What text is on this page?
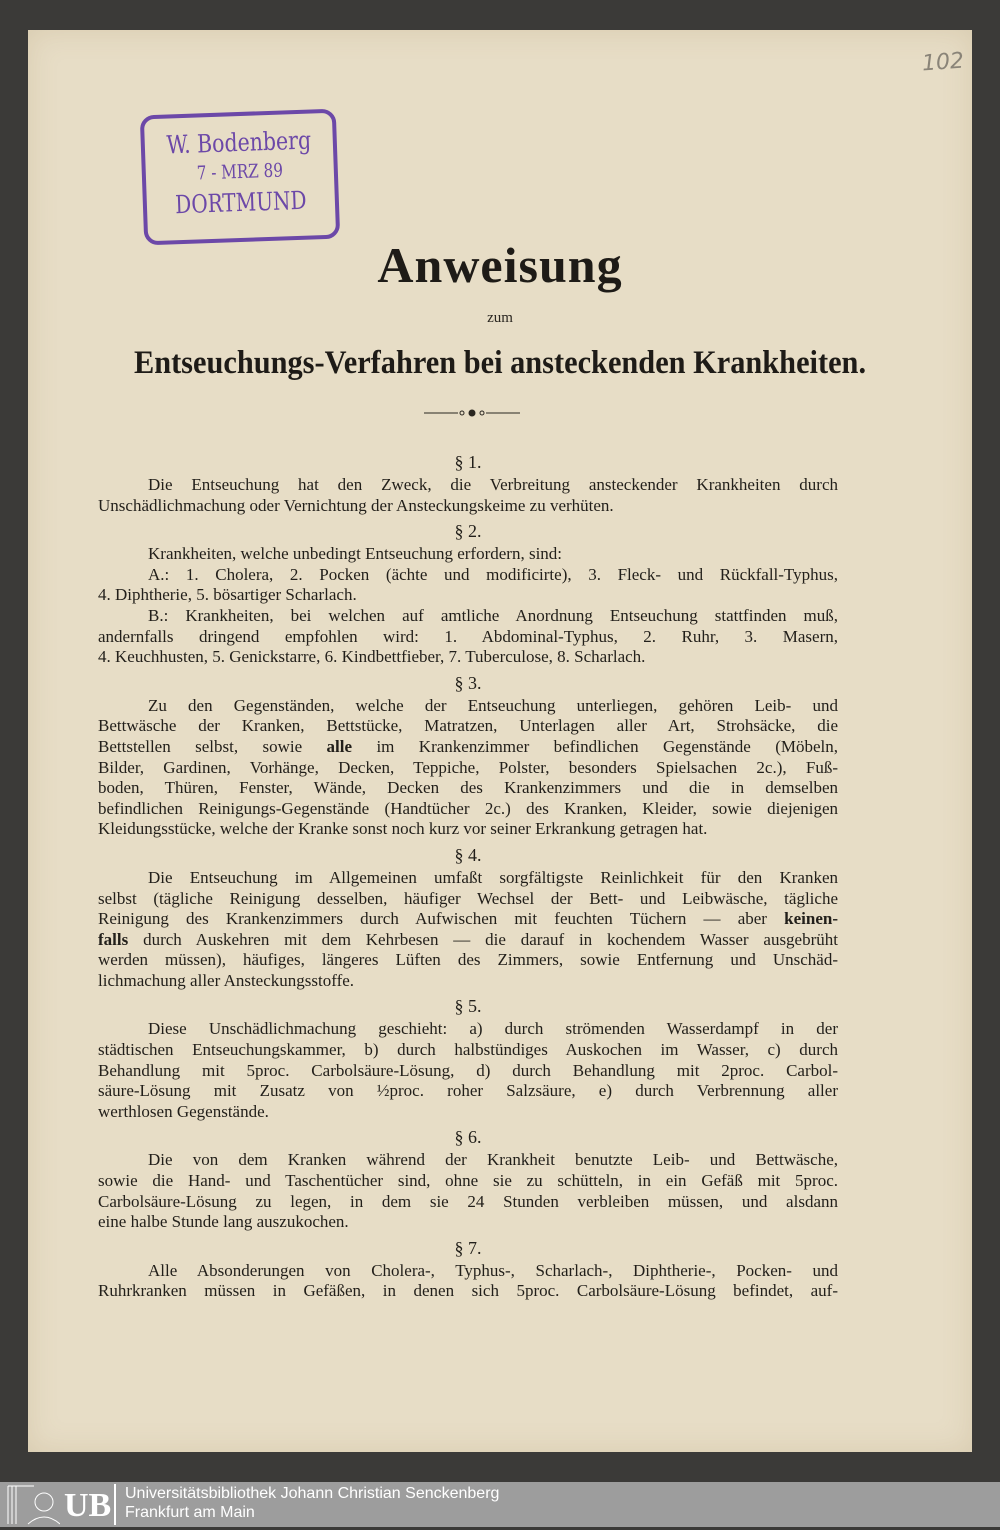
102
W. Bodenberg
7 - MRZ 89
DORTMUND
Anweisung
zum
Entseuchungs-Verfahren bei ansteckenden Krankheiten.
§ 1.
Die Entseuchung hat den Zweck, die Verbreitung ansteckender Krankheiten durch
Unschädlichmachung oder Vernichtung der Ansteckungskeime zu verhüten.
§ 2.
Krankheiten, welche unbedingt Entseuchung erfordern, sind:
A.: 1. Cholera, 2. Pocken (ächte und modificirte), 3. Fleck- und Rückfall-Typhus,
4. Diphtherie, 5. bösartiger Scharlach.
B.: Krankheiten, bei welchen auf amtliche Anordnung Entseuchung stattfinden muß,
andernfalls dringend empfohlen wird: 1. Abdominal-Typhus, 2. Ruhr, 3. Masern,
4. Keuchhusten, 5. Genickstarre, 6. Kindbettfieber, 7. Tuberculose, 8. Scharlach.
§ 3.
Zu den Gegenständen, welche der Entseuchung unterliegen, gehören Leib- und
Bettwäsche der Kranken, Bettstücke, Matratzen, Unterlagen aller Art, Strohsäcke, die
Bettstellen selbst, sowie alle im Krankenzimmer befindlichen Gegenstände (Möbeln,
Bilder, Gardinen, Vorhänge, Decken, Teppiche, Polster, besonders Spielsachen 2c.), Fuß-
boden, Thüren, Fenster, Wände, Decken des Krankenzimmers und die in demselben
befindlichen Reinigungs-Gegenstände (Handtücher 2c.) des Kranken, Kleider, sowie diejenigen
Kleidungsstücke, welche der Kranke sonst noch kurz vor seiner Erkrankung getragen hat.
§ 4.
Die Entseuchung im Allgemeinen umfaßt sorgfältigste Reinlichkeit für den Kranken
selbst (tägliche Reinigung desselben, häufiger Wechsel der Bett- und Leibwäsche, tägliche
Reinigung des Krankenzimmers durch Aufwischen mit feuchten Tüchern — aber keinen-
falls durch Auskehren mit dem Kehrbesen — die darauf in kochendem Wasser ausgebrüht
werden müssen), häufiges, längeres Lüften des Zimmers, sowie Entfernung und Unschäd-
lichmachung aller Ansteckungsstoffe.
§ 5.
Diese Unschädlichmachung geschieht: a) durch strömenden Wasserdampf in der
städtischen Entseuchungskammer, b) durch halbstündiges Auskochen im Wasser, c) durch
Behandlung mit 5proc. Carbolsäure-Lösung, d) durch Behandlung mit 2proc. Carbol-
säure-Lösung mit Zusatz von ½proc. roher Salzsäure, e) durch Verbrennung aller
werthlosen Gegenstände.
§ 6.
Die von dem Kranken während der Krankheit benutzte Leib- und Bettwäsche,
sowie die Hand- und Taschentücher sind, ohne sie zu schütteln, in ein Gefäß mit 5proc.
Carbolsäure-Lösung zu legen, in dem sie 24 Stunden verbleiben müssen, und alsdann
eine halbe Stunde lang auszukochen.
§ 7.
Alle Absonderungen von Cholera-, Typhus-, Scharlach-, Diphtherie-, Pocken- und
Ruhrkranken müssen in Gefäßen, in denen sich 5proc. Carbolsäure-Lösung befindet, auf-
UB Universitätsbibliothek Johann Christian Senckenberg
Frankfurt am Main
